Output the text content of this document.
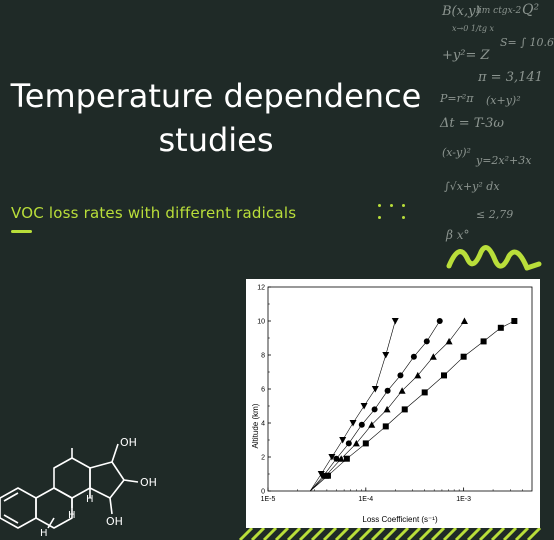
B(x,y)
lim ctgx-2 Q²
x→0 1/tg x
S= ∫ 10.6
+y²= Z
π = 3,141
P=r²π (x+y)²
Δt = T-3ω
(x-y)²
y=2x²+3x
∫√x+y² dx
≤ 2,79
β x°
Temperature dependence
studies
VOC loss rates with different radicals
OH
OH
OH
H
H
H
0
2
4
6
8
10
12
1E-5	1E-4	1E-3
Loss Coefficient (s⁻¹)
Altitude (km)
